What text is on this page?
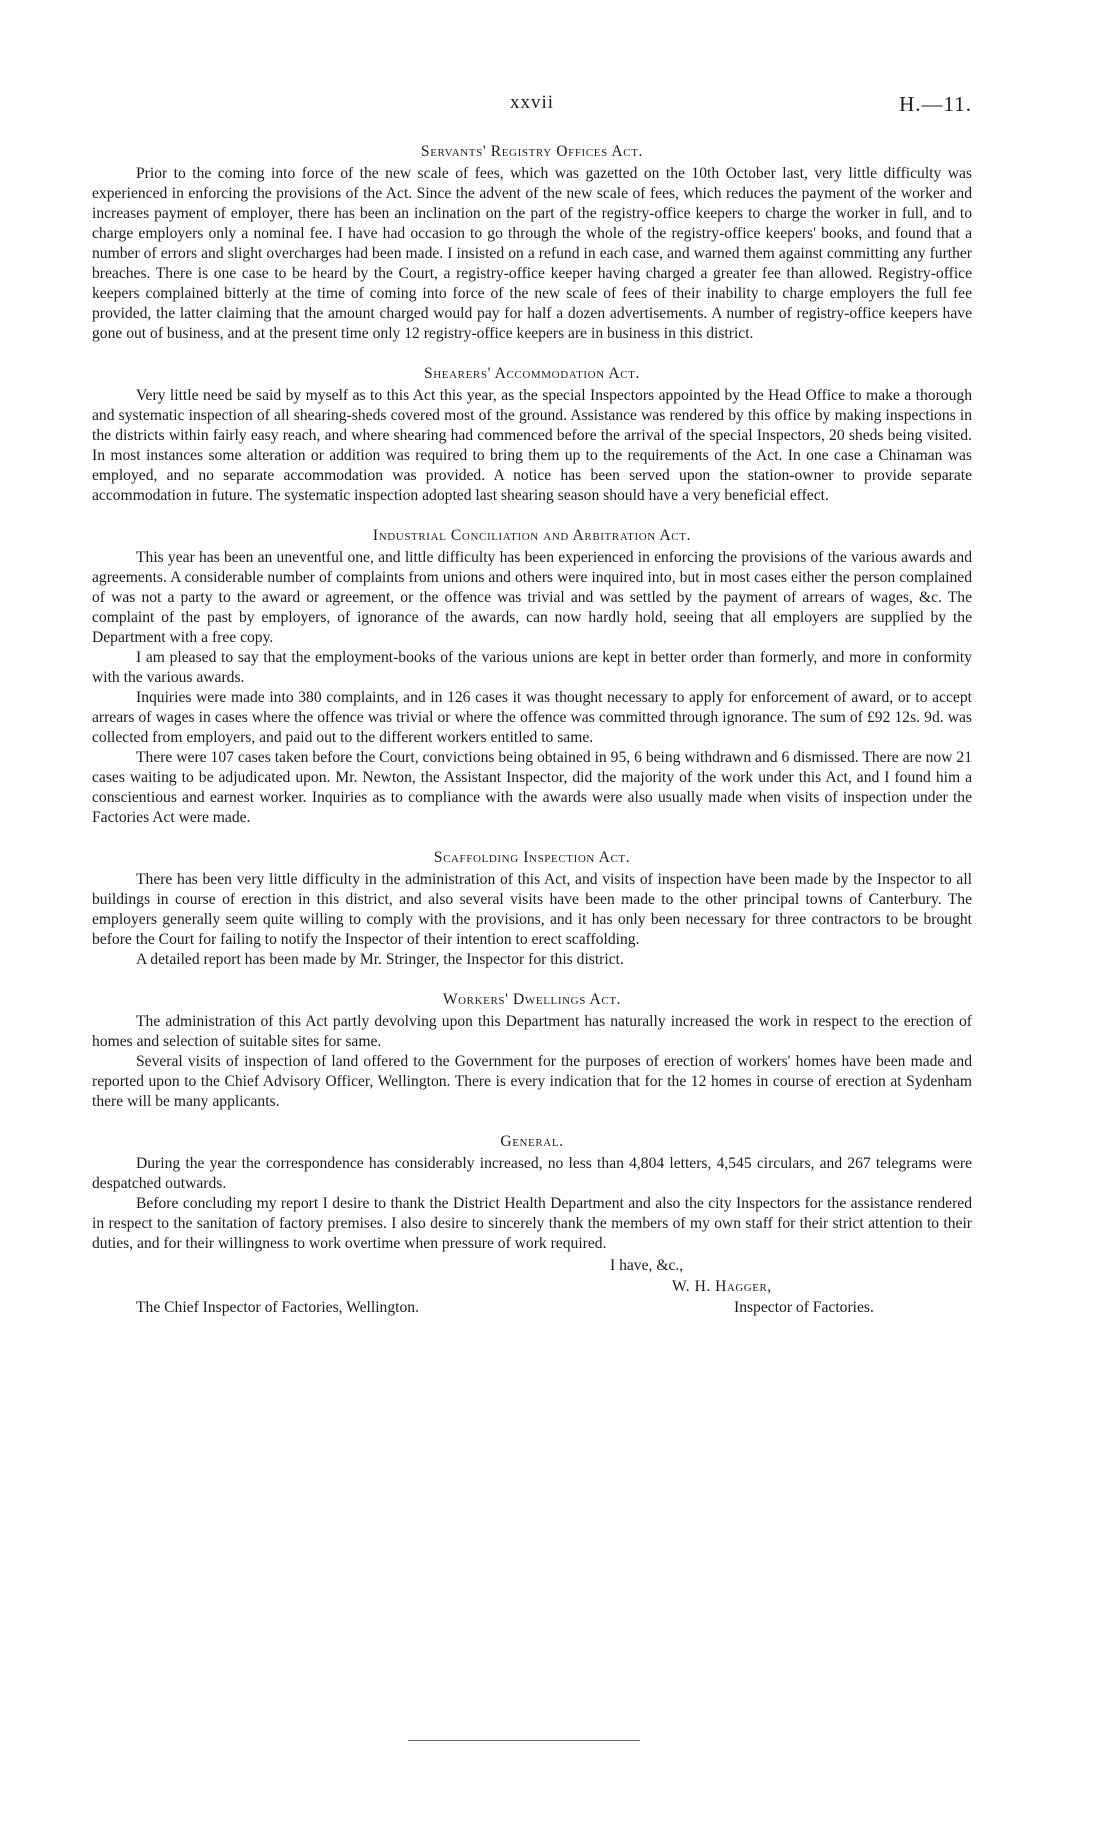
xxvii	H.—11.
Servants' Registry Offices Act.

Prior to the coming into force of the new scale of fees, which was gazetted on the 10th October last, very little difficulty was experienced in enforcing the provisions of the Act. Since the advent of the new scale of fees, which reduces the payment of the worker and increases payment of employer, there has been an inclination on the part of the registry-office keepers to charge the worker in full, and to charge employers only a nominal fee. I have had occasion to go through the whole of the registry-office keepers' books, and found that a number of errors and slight overcharges had been made. I insisted on a refund in each case, and warned them against committing any further breaches. There is one case to be heard by the Court, a registry-office keeper having charged a greater fee than allowed. Registry-office keepers complained bitterly at the time of coming into force of the new scale of fees of their inability to charge employers the full fee provided, the latter claiming that the amount charged would pay for half a dozen advertisements. A number of registry-office keepers have gone out of business, and at the present time only 12 registry-office keepers are in business in this district.

Shearers' Accommodation Act.

Very little need be said by myself as to this Act this year, as the special Inspectors appointed by the Head Office to make a thorough and systematic inspection of all shearing-sheds covered most of the ground. Assistance was rendered by this office by making inspections in the districts within fairly easy reach, and where shearing had commenced before the arrival of the special Inspectors, 20 sheds being visited. In most instances some alteration or addition was required to bring them up to the requirements of the Act. In one case a Chinaman was employed, and no separate accommodation was provided. A notice has been served upon the station-owner to provide separate accommodation in future. The systematic inspection adopted last shearing season should have a very beneficial effect.

Industrial Conciliation and Arbitration Act.

This year has been an uneventful one, and little difficulty has been experienced in enforcing the provisions of the various awards and agreements. A considerable number of complaints from unions and others were inquired into, but in most cases either the person complained of was not a party to the award or agreement, or the offence was trivial and was settled by the payment of arrears of wages, &c. The complaint of the past by employers, of ignorance of the awards, can now hardly hold, seeing that all employers are supplied by the Department with a free copy.

I am pleased to say that the employment-books of the various unions are kept in better order than formerly, and more in conformity with the various awards.

Inquiries were made into 380 complaints, and in 126 cases it was thought necessary to apply for enforcement of award, or to accept arrears of wages in cases where the offence was trivial or where the offence was committed through ignorance. The sum of £92 12s. 9d. was collected from employers, and paid out to the different workers entitled to same.

There were 107 cases taken before the Court, convictions being obtained in 95, 6 being withdrawn and 6 dismissed. There are now 21 cases waiting to be adjudicated upon. Mr. Newton, the Assistant Inspector, did the majority of the work under this Act, and I found him a conscientious and earnest worker. Inquiries as to compliance with the awards were also usually made when visits of inspection under the Factories Act were made.

Scaffolding Inspection Act.

There has been very little difficulty in the administration of this Act, and visits of inspection have been made by the Inspector to all buildings in course of erection in this district, and also several visits have been made to the other principal towns of Canterbury. The employers generally seem quite willing to comply with the provisions, and it has only been necessary for three contractors to be brought before the Court for failing to notify the Inspector of their intention to erect scaffolding.

A detailed report has been made by Mr. Stringer, the Inspector for this district.

Workers' Dwellings Act.

The administration of this Act partly devolving upon this Department has naturally increased the work in respect to the erection of homes and selection of suitable sites for same.

Several visits of inspection of land offered to the Government for the purposes of erection of workers' homes have been made and reported upon to the Chief Advisory Officer, Wellington. There is every indication that for the 12 homes in course of erection at Sydenham there will be many applicants.

General.

During the year the correspondence has considerably increased, no less than 4,804 letters, 4,545 circulars, and 267 telegrams were despatched outwards.

Before concluding my report I desire to thank the District Health Department and also the city Inspectors for the assistance rendered in respect to the sanitation of factory premises. I also desire to sincerely thank the members of my own staff for their strict attention to their duties, and for their willingness to work overtime when pressure of work required.

I have, &c.,
W. H. Hagger,
The Chief Inspector of Factories, Wellington.	Inspector of Factories.
